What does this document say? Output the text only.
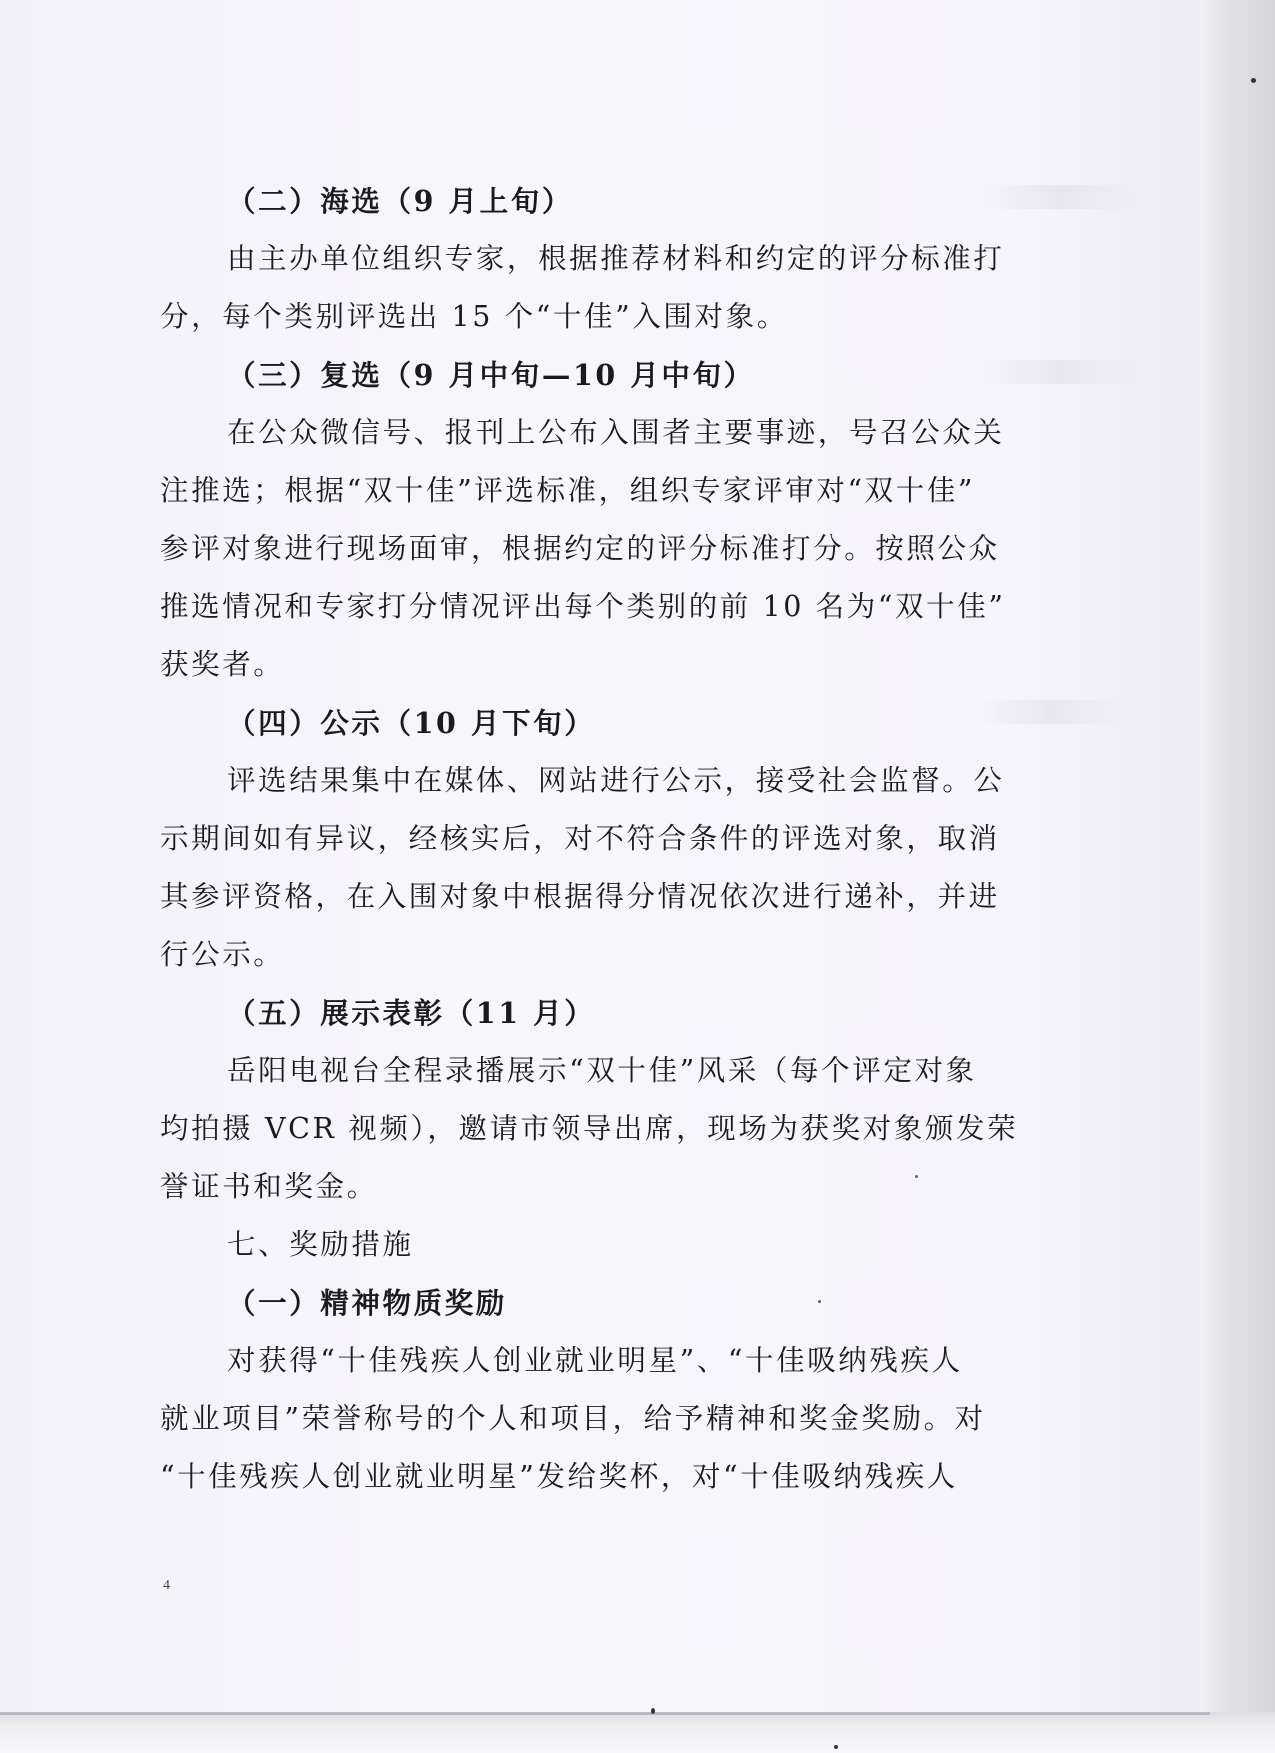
（二）海选（9 月上旬）
由主办单位组织专家，根据推荐材料和约定的评分标准打
分，每个类别评选出 15 个“十佳”入围对象。
（三）复选（9 月中旬—10 月中旬）
在公众微信号、报刊上公布入围者主要事迹，号召公众关
注推选；根据“双十佳”评选标准，组织专家评审对“双十佳”
参评对象进行现场面审，根据约定的评分标准打分。按照公众
推选情况和专家打分情况评出每个类别的前 10 名为“双十佳”
获奖者。
（四）公示（10 月下旬）
评选结果集中在媒体、网站进行公示，接受社会监督。公
示期间如有异议，经核实后，对不符合条件的评选对象，取消
其参评资格，在入围对象中根据得分情况依次进行递补，并进
行公示。
（五）展示表彰（11 月）
岳阳电视台全程录播展示“双十佳”风采（每个评定对象
均拍摄 VCR 视频），邀请市领导出席，现场为获奖对象颁发荣
誉证书和奖金。
七、奖励措施
（一）精神物质奖励
对获得“十佳残疾人创业就业明星”、“十佳吸纳残疾人
就业项目”荣誉称号的个人和项目，给予精神和奖金奖励。对
“十佳残疾人创业就业明星”发给奖杯，对“十佳吸纳残疾人
4
